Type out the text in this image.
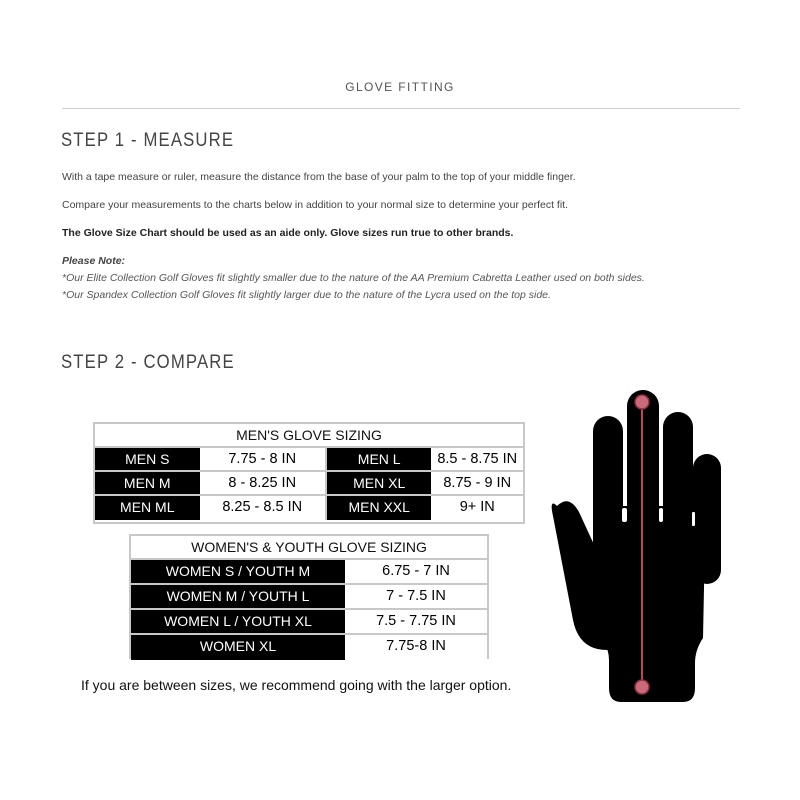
GLOVE FITTING
STEP 1 - MEASURE

With a tape measure or ruler, measure the distance from the base of your palm to the top of your middle finger.

Compare your measurements to the charts below in addition to your normal size to determine your perfect fit.

The Glove Size Chart should be used as an aide only. Glove sizes run true to other brands.

Please Note:

*Our Elite Collection Golf Gloves fit slightly smaller due to the nature of the AA Premium Cabretta Leather used on both sides.

*Our Spandex Collection Golf Gloves fit slightly larger due to the nature of the Lycra used on the top side.

STEP 2 - COMPARE
MEN'S GLOVE SIZING
MEN S	7.75 - 8 IN	MEN L	8.5 - 8.75 IN
MEN M	8 - 8.25 IN	MEN XL	8.75 - 9 IN
MEN ML	8.25 - 8.5 IN	MEN XXL	9+ IN
WOMEN'S & YOUTH GLOVE SIZING
WOMEN S / YOUTH M	6.75 - 7 IN
WOMEN M / YOUTH L	7 - 7.5 IN
WOMEN L / YOUTH XL	7.5 - 7.75 IN
WOMEN XL	7.75-8 IN

If you are between sizes, we recommend going with the larger option.
